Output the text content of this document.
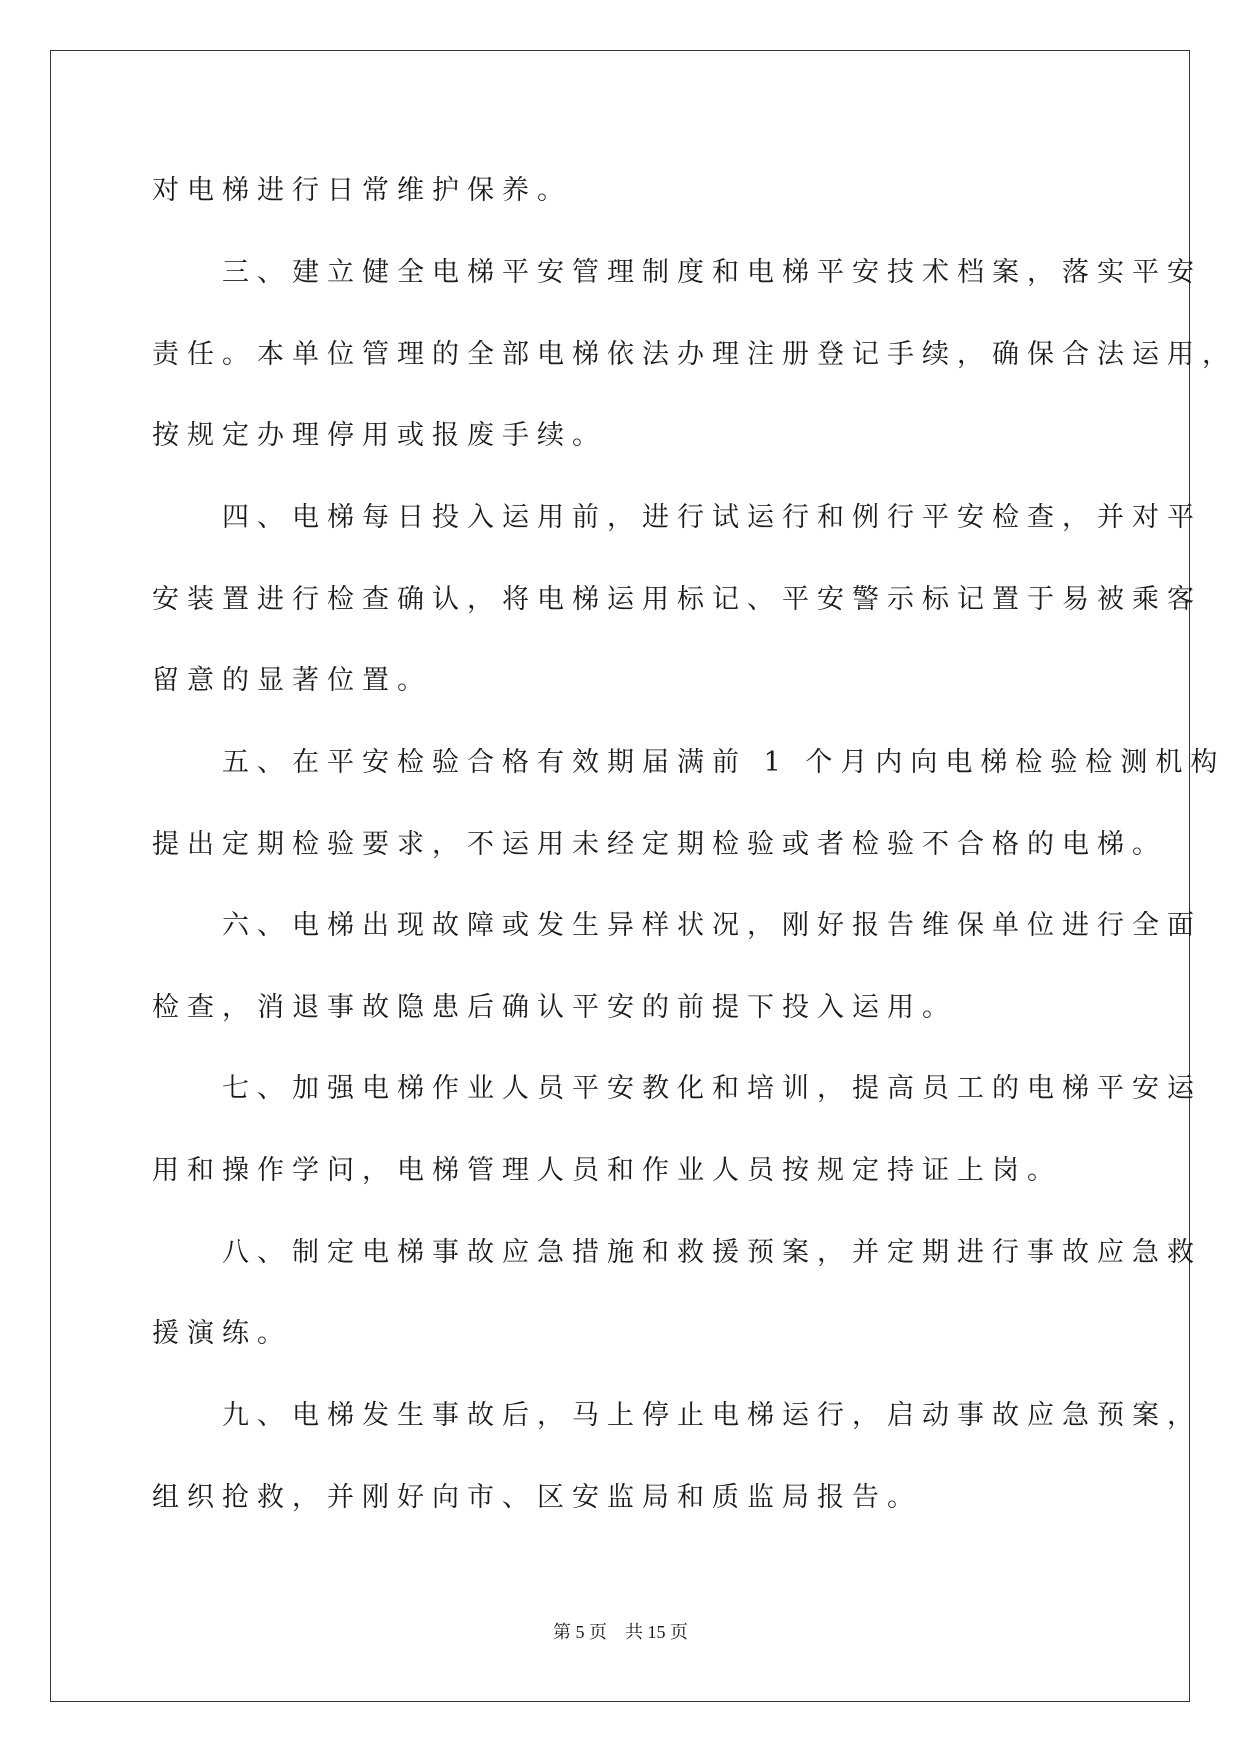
对电梯进行日常维护保养。
　　三、建立健全电梯平安管理制度和电梯平安技术档案，落实平安
责任。本单位管理的全部电梯依法办理注册登记手续，确保合法运用，
按规定办理停用或报废手续。
　　四、电梯每日投入运用前，进行试运行和例行平安检查，并对平
安装置进行检查确认，将电梯运用标记、平安警示标记置于易被乘客
留意的显著位置。
　　五、在平安检验合格有效期届满前 1 个月内向电梯检验检测机构
提出定期检验要求，不运用未经定期检验或者检验不合格的电梯。
　　六、电梯出现故障或发生异样状况，刚好报告维保单位进行全面
检查，消退事故隐患后确认平安的前提下投入运用。
　　七、加强电梯作业人员平安教化和培训，提高员工的电梯平安运
用和操作学问，电梯管理人员和作业人员按规定持证上岗。
　　八、制定电梯事故应急措施和救援预案，并定期进行事故应急救
援演练。
　　九、电梯发生事故后，马上停止电梯运行，启动事故应急预案，
组织抢救，并刚好向市、区安监局和质监局报告。
第 5 页    共 15 页
